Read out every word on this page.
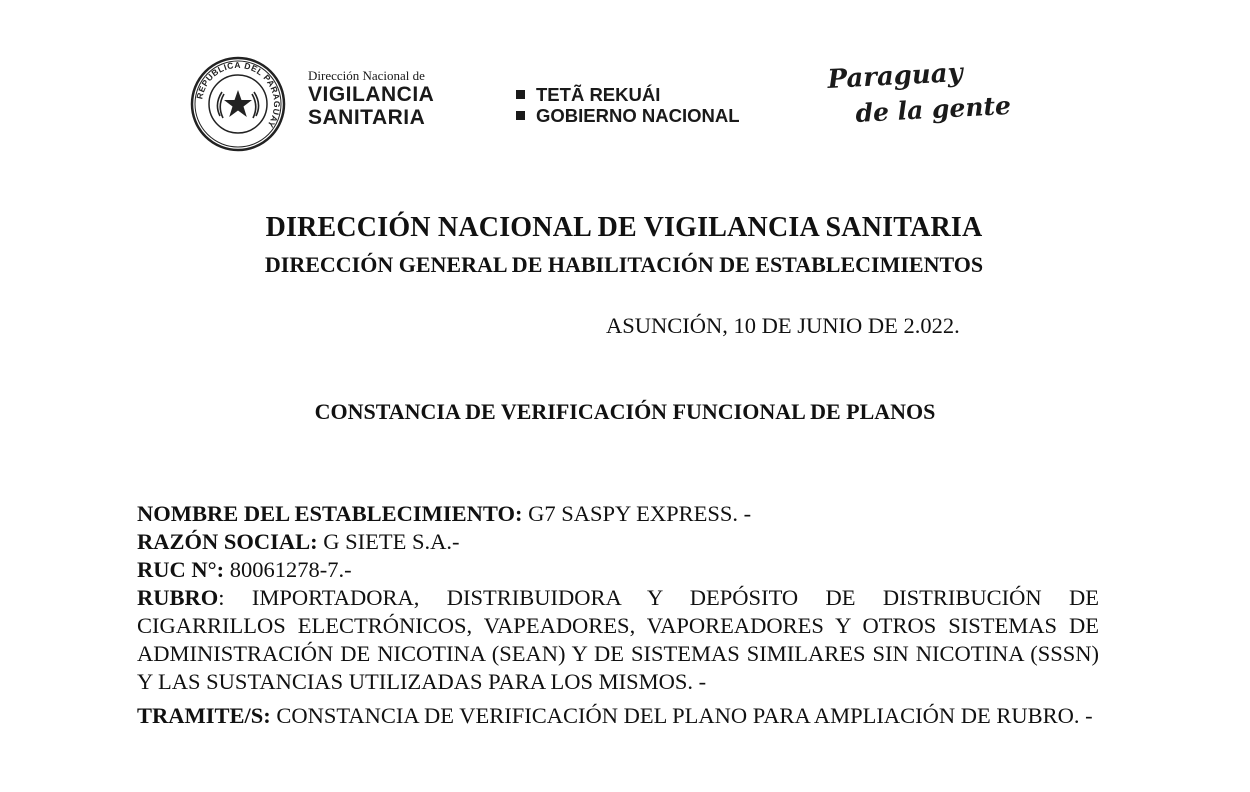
REPÚBLICA DEL PARAGUAY
Dirección Nacional de
VIGILANCIA
SANITARIA
TETÃ REKUÁI
GOBIERNO NACIONAL
Paraguay
de la gente
DIRECCIÓN NACIONAL DE VIGILANCIA SANITARIA
DIRECCIÓN GENERAL DE HABILITACIÓN DE ESTABLECIMIENTOS
ASUNCIÓN, 10 DE JUNIO DE 2.022.
CONSTANCIA DE VERIFICACIÓN FUNCIONAL DE PLANOS

NOMBRE DEL ESTABLECIMIENTO: G7 SASPY EXPRESS. -

RAZÓN SOCIAL: G SIETE S.A.-

RUC N°: 80061278-7.-

RUBRO: IMPORTADORA, DISTRIBUIDORA Y DEPÓSITO DE DISTRIBUCIÓN DE CIGARRILLOS ELECTRÓNICOS, VAPEADORES, VAPOREADORES Y OTROS SISTEMAS DE ADMINISTRACIÓN DE NICOTINA (SEAN) Y DE SISTEMAS SIMILARES SIN NICOTINA (SSSN) Y LAS SUSTANCIAS UTILIZADAS PARA LOS MISMOS. -

TRAMITE/S: CONSTANCIA DE VERIFICACIÓN DEL PLANO PARA AMPLIACIÓN DE RUBRO. -
